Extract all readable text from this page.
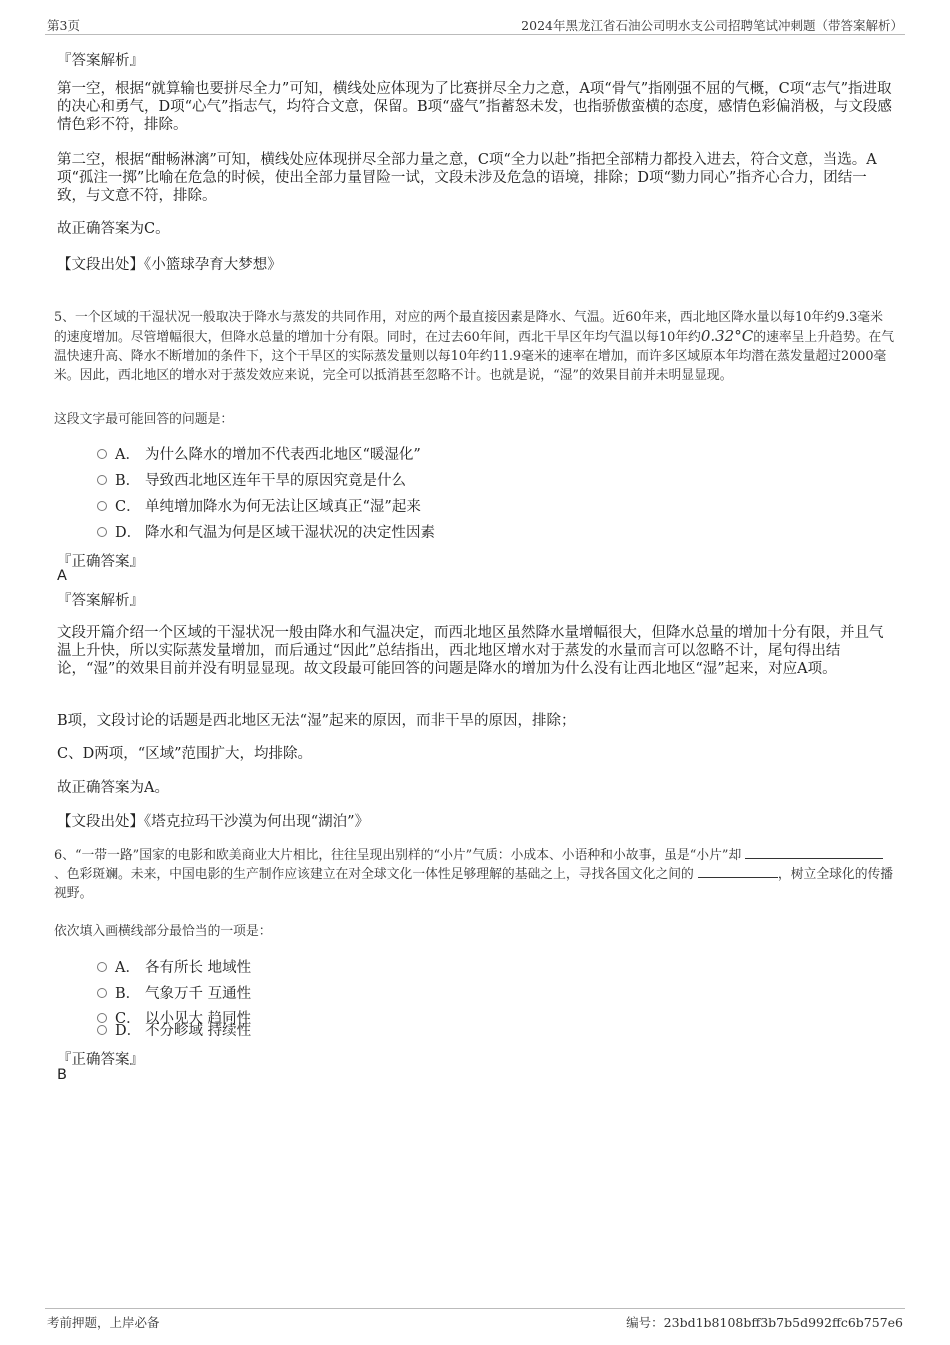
第3页	2024年黑龙江省石油公司明水支公司招聘笔试冲刺题（带答案解析）
『答案解析』
第一空，根据“就算输也要拼尽全力”可知，横线处应体现为了比赛拼尽全力之意，A项“骨气”指刚强不屈的气概，C项“志气”指进取的决心和勇气，D项“心气”指志气，均符合文意，保留。B项“盛气”指蓄怒未发，也指骄傲蛮横的态度，感情色彩偏消极，与文段感情色彩不符，排除。
第二空，根据“酣畅淋漓”可知，横线处应体现拼尽全部力量之意，C项“全力以赴”指把全部精力都投入进去，符合文意，当选。A项“孤注一掷”比喻在危急的时候，使出全部力量冒险一试，文段未涉及危急的语境，排除；D项“勠力同心”指齐心合力，团结一致，与文意不符，排除。
故正确答案为C。
【文段出处】《小篮球孕育大梦想》
5、一个区域的干湿状况一般取决于降水与蒸发的共同作用，对应的两个最直接因素是降水、气温。近60年来，西北地区降水量以每10年约9.3毫米的速度增加。尽管增幅很大，但降水总量的增加十分有限。同时，在过去60年间，西北干旱区年均气温以每10年约0.32°C的速率呈上升趋势。在气温快速升高、降水不断增加的条件下，这个干旱区的实际蒸发量则以每10年约11.9毫米的速率在增加，而许多区域原本年均潜在蒸发量超过2000毫米。因此，西北地区的增水对于蒸发效应来说，完全可以抵消甚至忽略不计。也就是说，“湿”的效果目前并未明显显现。
这段文字最可能回答的问题是：
A． 为什么降水的增加不代表西北地区“暖湿化”
B． 导致西北地区连年干旱的原因究竟是什么
C． 单纯增加降水为何无法让区域真正“湿”起来
D． 降水和气温为何是区域干湿状况的决定性因素
『正确答案』
A
『答案解析』
文段开篇介绍一个区域的干湿状况一般由降水和气温决定，而西北地区虽然降水量增幅很大，但降水总量的增加十分有限，并且气温上升快，所以实际蒸发量增加，而后通过“因此”总结指出，西北地区增水对于蒸发的水量而言可以忽略不计，尾句得出结论，“湿”的效果目前并没有明显显现。故文段最可能回答的问题是降水的增加为什么没有让西北地区“湿”起来，对应A项。
B项，文段讨论的话题是西北地区无法“湿”起来的原因，而非干旱的原因，排除；
C、D两项，“区域”范围扩大，均排除。
故正确答案为A。
【文段出处】《塔克拉玛干沙漠为何出现“湖泊”》
6、“一带一路”国家的电影和欧美商业大片相比，往往呈现出别样的“小片”气质：小成本、小语种和小故事，虽是“小片”却 、色彩斑斓。未来，中国电影的生产制作应该建立在对全球文化一体性足够理解的基础之上，寻找各国文化之间的	，树立全球化的传播视野。
依次填入画横线部分最恰当的一项是：
A． 各有所长 地域性
B． 气象万千 互通性
C． 以小见大 趋同性
D． 不分畛域 持续性
『正确答案』
B
考前押题，上岸必备	编号：23bd1b8108bff3b7b5d992ffc6b757e6
